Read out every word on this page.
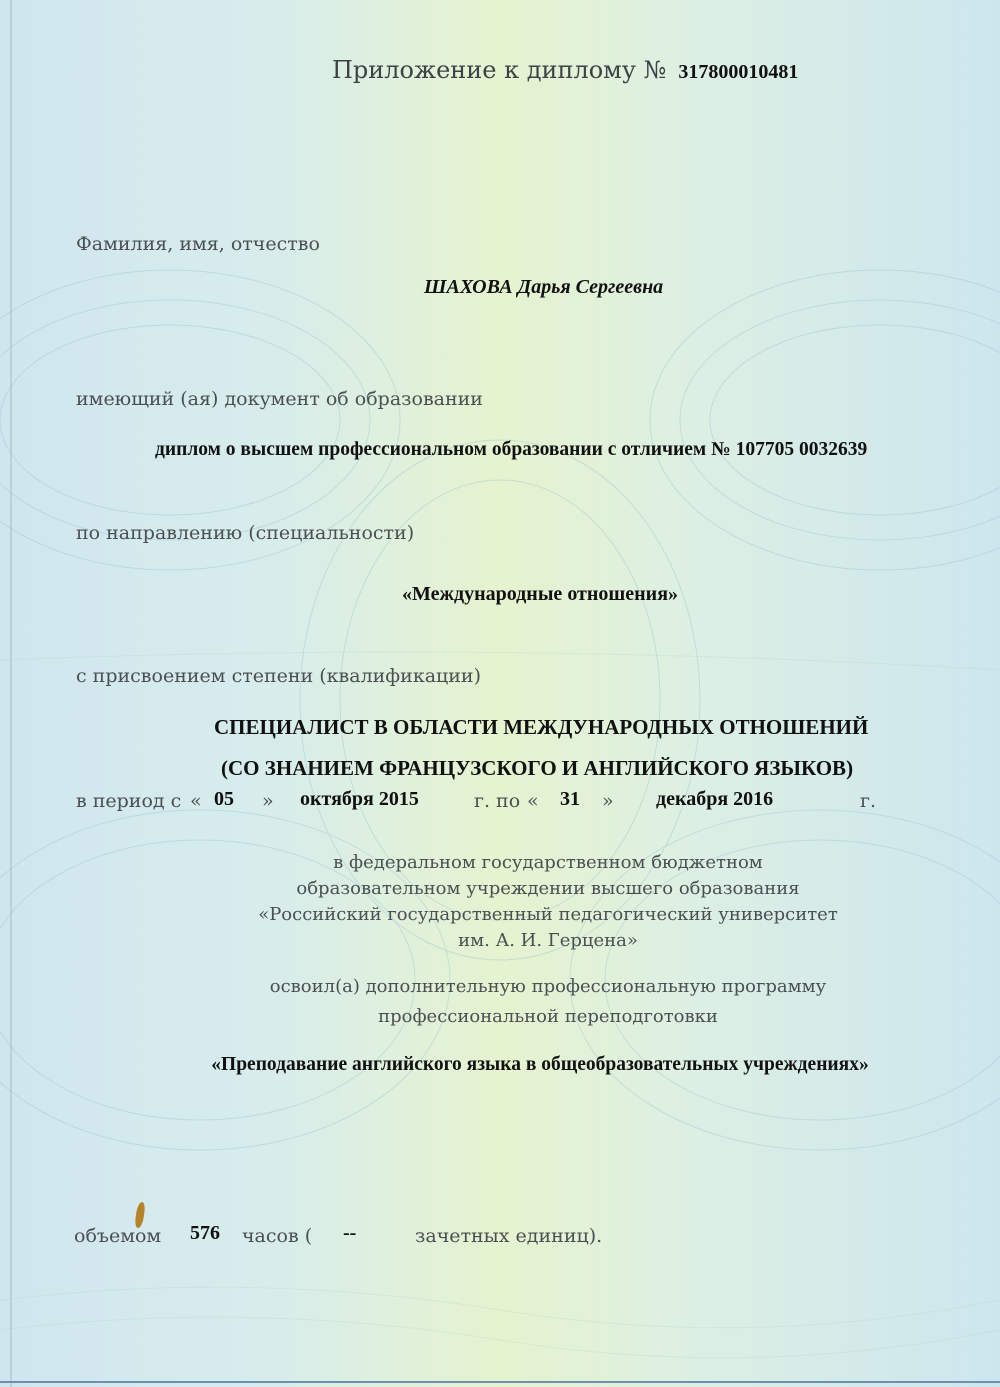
Приложение к диплому № 317800010481
Фамилия, имя, отчество
ШАХОВА Дарья Сергеевна
имеющий (ая) документ об образовании
диплом о высшем профессиональном образовании с отличием № 107705 0032639
по направлению (специальности)
«Международные отношения»
с присвоением степени (квалификации)
СПЕЦИАЛИСТ В ОБЛАСТИ МЕЖДУНАРОДНЫХ ОТНОШЕНИЙ
(СО ЗНАНИЕМ ФРАНЦУЗСКОГО И АНГЛИЙСКОГО ЯЗЫКОВ)
в период с « 05 » октября 2015	г. по « 31 » декабря 2016	г.
в федеральном государственном бюджетном
образовательном учреждении высшего образования
«Российский государственный педагогический университет
им. А. И. Герцена»
освоил(а) дополнительную профессиональную программу
профессиональной переподготовки
«Преподавание английского языка в общеобразовательных учреждениях»
объемом 576 часов ( --	зачетных единиц).
